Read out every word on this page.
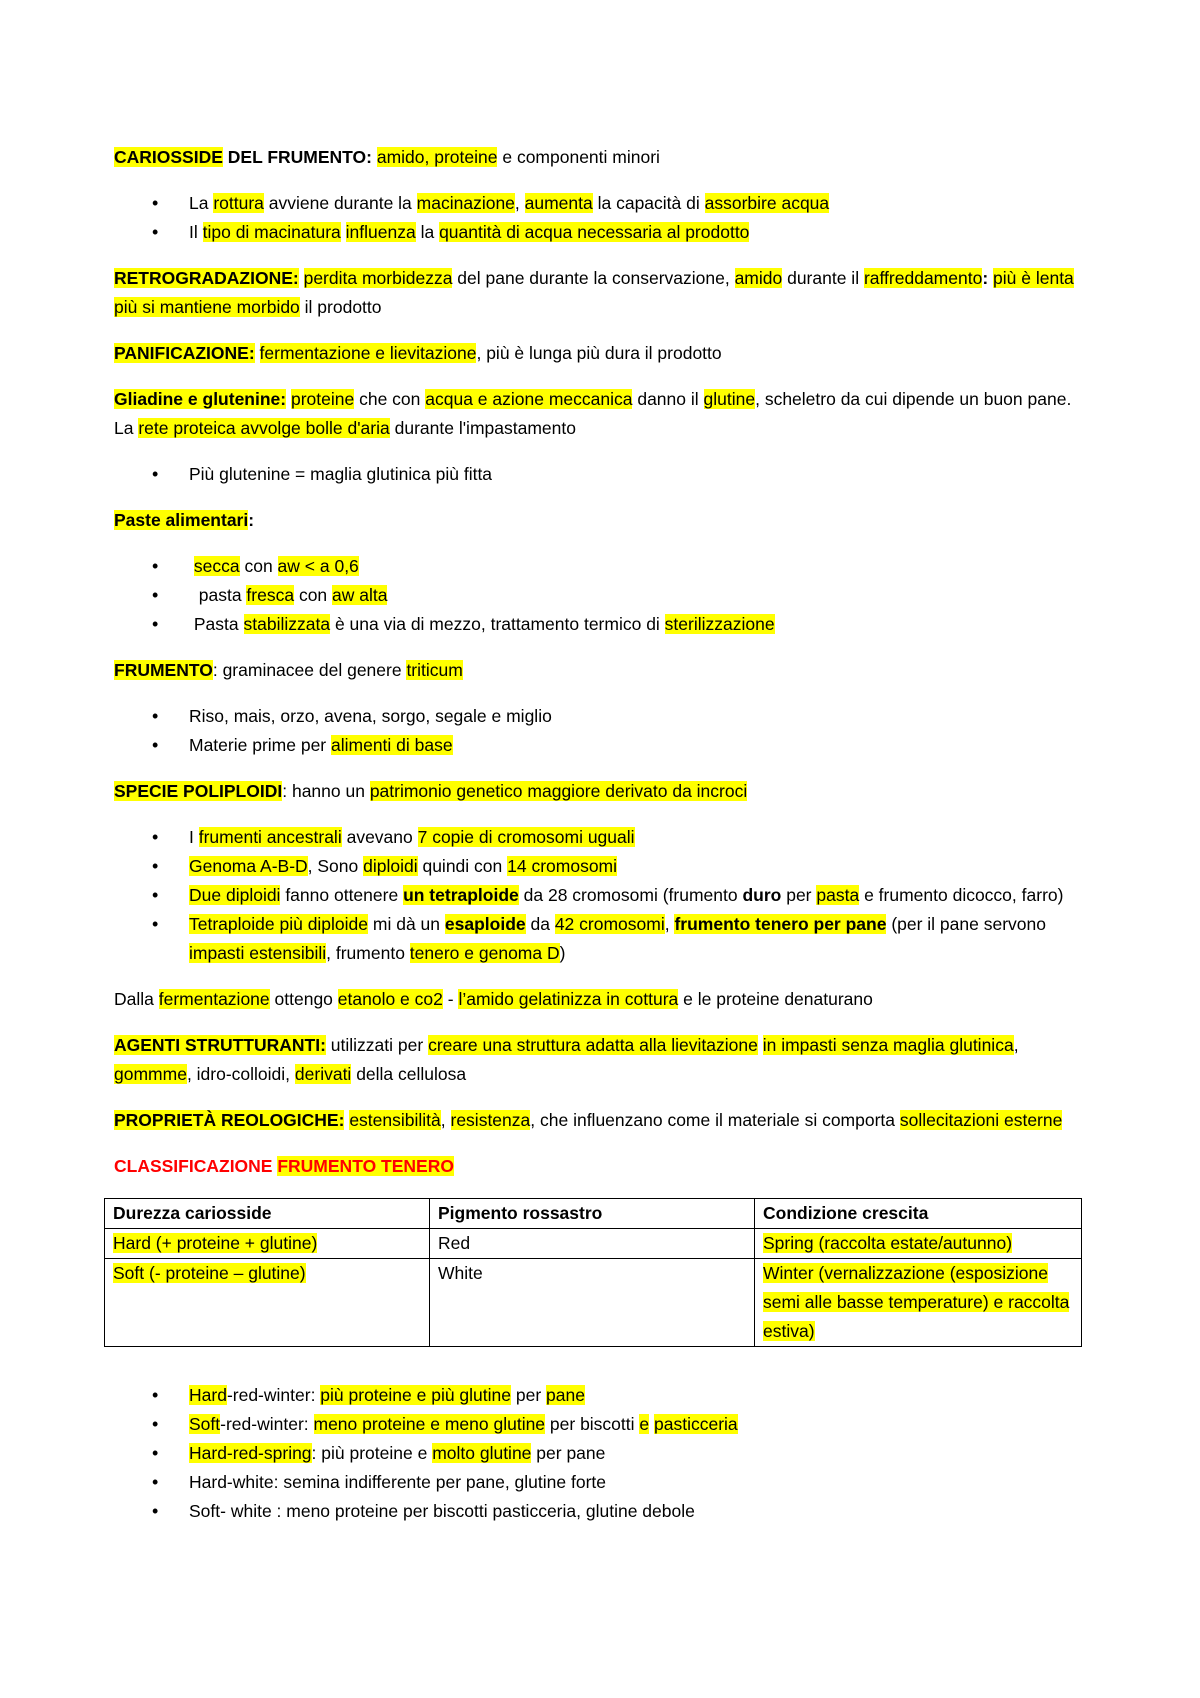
CARIOSSIDE DEL FRUMENTO: amido, proteine e componenti minori

• La rottura avviene durante la macinazione, aumenta la capacità di assorbire acqua
• Il tipo di macinatura influenza la quantità di acqua necessaria al prodotto

RETROGRADAZIONE: perdita morbidezza del pane durante la conservazione, amido durante il raffreddamento: più è lenta più si mantiene morbido il prodotto

PANIFICAZIONE: fermentazione e lievitazione, più è lunga più dura il prodotto

Gliadine e glutenine: proteine che con acqua e azione meccanica danno il glutine, scheletro da cui dipende un buon pane. La rete proteica avvolge bolle d'aria durante l'impastamento

• Più glutenine = maglia glutinica più fitta

Paste alimentari:

• secca con aw < a 0,6
• pasta fresca con aw alta
• Pasta stabilizzata è una via di mezzo, trattamento termico di sterilizzazione

FRUMENTO: graminacee del genere triticum

• Riso, mais, orzo, avena, sorgo, segale e miglio
• Materie prime per alimenti di base

SPECIE POLIPLOIDI: hanno un patrimonio genetico maggiore derivato da incroci

• I frumenti ancestrali avevano 7 copie di cromosomi uguali
• Genoma A-B-D, Sono diploidi quindi con 14 cromosomi
• Due diploidi fanno ottenere un tetraploide da 28 cromosomi (frumento duro per pasta e frumento dicocco, farro)
• Tetraploide più diploide mi dà un esaploide da 42 cromosomi, frumento tenero per pane (per il pane servono impasti estensibili, frumento tenero e genoma D)

Dalla fermentazione ottengo etanolo e co2 - l’amido gelatinizza in cottura e le proteine denaturano

AGENTI STRUTTURANTI: utilizzati per creare una struttura adatta alla lievitazione in impasti senza maglia glutinica, gommme, idro-colloidi, derivati della cellulosa

PROPRIETÀ REOLOGICHE: estensibilità, resistenza, che influenzano come il materiale si comporta sollecitazioni esterne

CLASSIFICAZIONE FRUMENTO TENERO

Durezza cariosside	Pigmento rossastro	Condizione crescita
Hard (+ proteine + glutine)	Red	Spring (raccolta estate/autunno)
Soft (- proteine – glutine)	White	Winter (vernalizzazione (esposizione semi alle basse temperature) e raccolta estiva)
• Hard-red-winter: più proteine e più glutine per pane
• Soft-red-winter: meno proteine e meno glutine per biscotti e pasticceria
• Hard-red-spring: più proteine e molto glutine per pane
• Hard-white: semina indifferente per pane, glutine forte
• Soft- white : meno proteine per biscotti pasticceria, glutine debole
